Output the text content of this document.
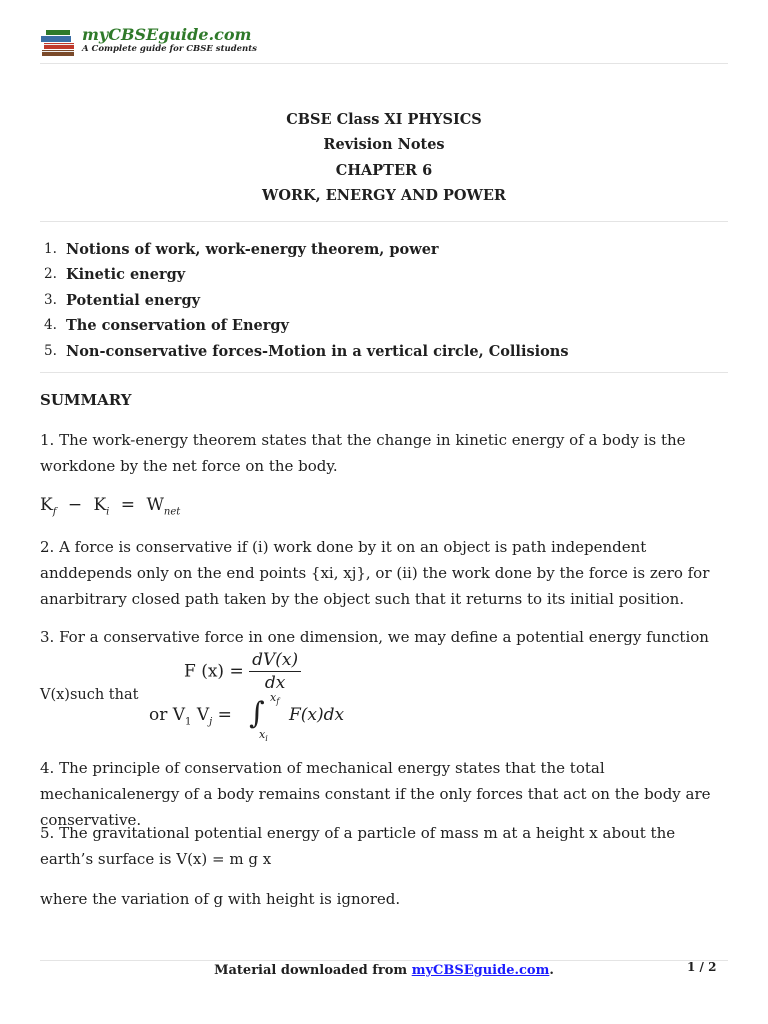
myCBSEguide.com
A Complete guide for CBSE students
CBSE Class XI PHYSICS
Revision Notes
CHAPTER 6
WORK, ENERGY AND POWER
1. Notions of work, work-energy theorem, power
2. Kinetic energy
3. Potential energy
4. The conservation of Energy
5. Non-conservative forces-Motion in a vertical circle, Collisions
SUMMARY
1. The work-energy theorem states that the change in kinetic energy of a body is the workdone by the net force on the body.
$K_f - K_i = W_{net}$
2. A force is conservative if (i) work done by it on an object is path independent anddepends only on the end points {xi, xj}, or (ii) the work done by the force is zero for anarbitrary closed path taken by the object such that it returns to its initial position.
3. For a conservative force in one dimension, we may define a potential energy function
F $(x) = \frac{dV(x)}{dx}$
V(x)such that
or $V_1$ $V_j$ = ∫ $x_f$
$x_i$
F(x)dx
4. The principle of conservation of mechanical energy states that the total mechanicalenergy of a body remains constant if the only forces that act on the body are conservative.
5. The gravitational potential energy of a particle of mass m at a height x about the earth’s surface is V(x) = m g x
where the variation of g with height is ignored.
Material downloaded from myCBSEguide.com.	1 / 2
